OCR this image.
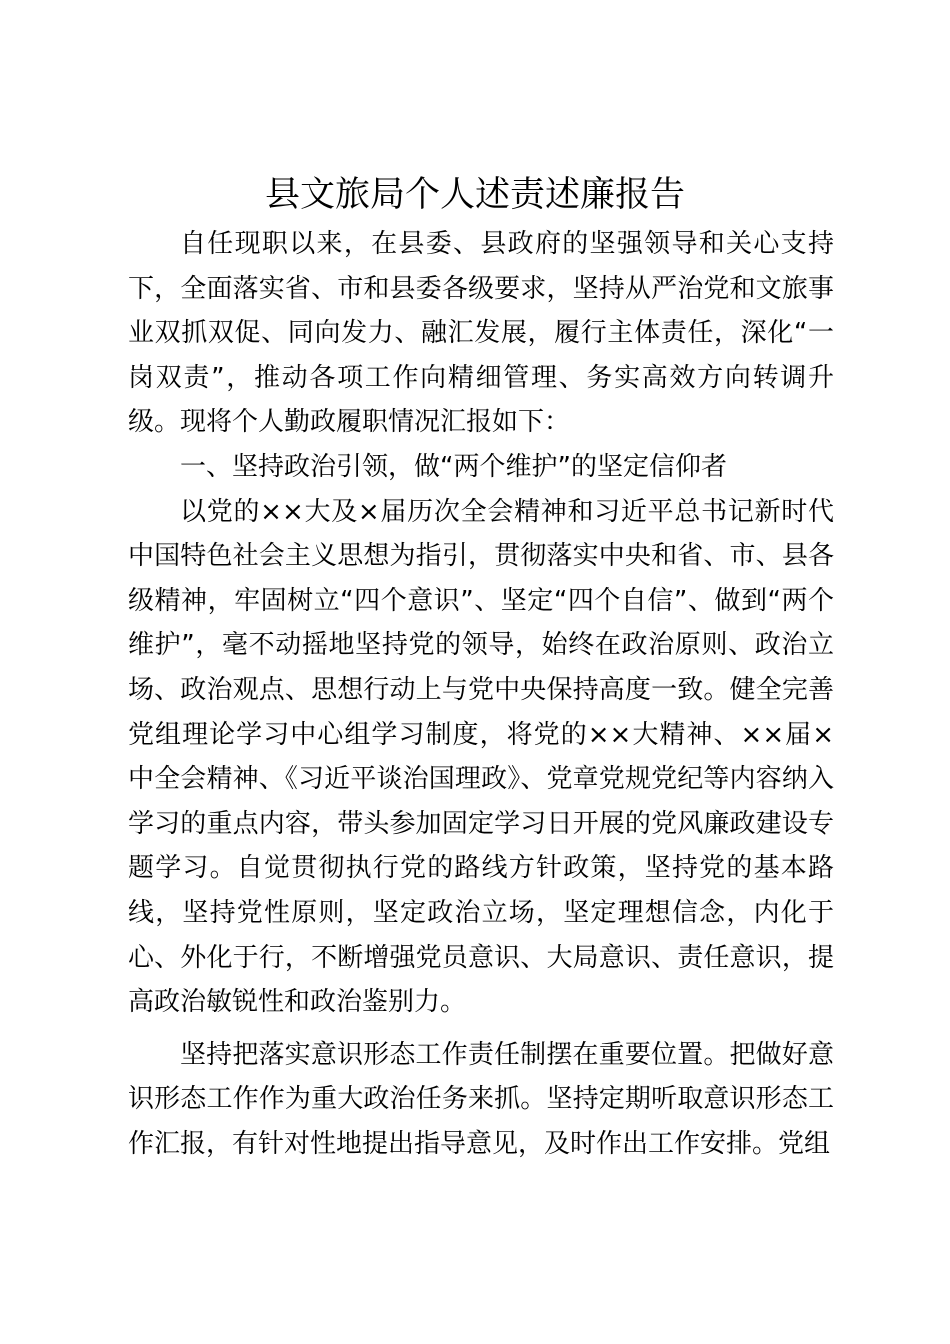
县文旅局个人述责述廉报告

自任现职以来，在县委、县政府的坚强领导和关心支持下，全面落实省、市和县委各级要求，坚持从严治党和文旅事业双抓双促、同向发力、融汇发展，履行主体责任，深化“一岗双责”，推动各项工作向精细管理、务实高效方向转调升级。现将个人勤政履职情况汇报如下：

一、坚持政治引领，做“两个维护”的坚定信仰者

以党的××大及×届历次全会精神和习近平总书记新时代中国特色社会主义思想为指引，贯彻落实中央和省、市、县各级精神，牢固树立“四个意识”、坚定“四个自信”、做到“两个维护”，毫不动摇地坚持党的领导，始终在政治原则、政治立场、政治观点、思想行动上与党中央保持高度一致。健全完善党组理论学习中心组学习制度，将党的××大精神、××届×中全会精神、《习近平谈治国理政》、党章党规党纪等内容纳入学习的重点内容，带头参加固定学习日开展的党风廉政建设专题学习。自觉贯彻执行党的路线方针政策，坚持党的基本路线，坚持党性原则，坚定政治立场，坚定理想信念，内化于心、外化于行，不断增强党员意识、大局意识、责任意识，提高政治敏锐性和政治鉴别力。

坚持把落实意识形态工作责任制摆在重要位置。把做好意识形态工作作为重大政治任务来抓。坚持定期听取意识形态工作汇报，有针对性地提出指导意见，及时作出工作安排。党组
